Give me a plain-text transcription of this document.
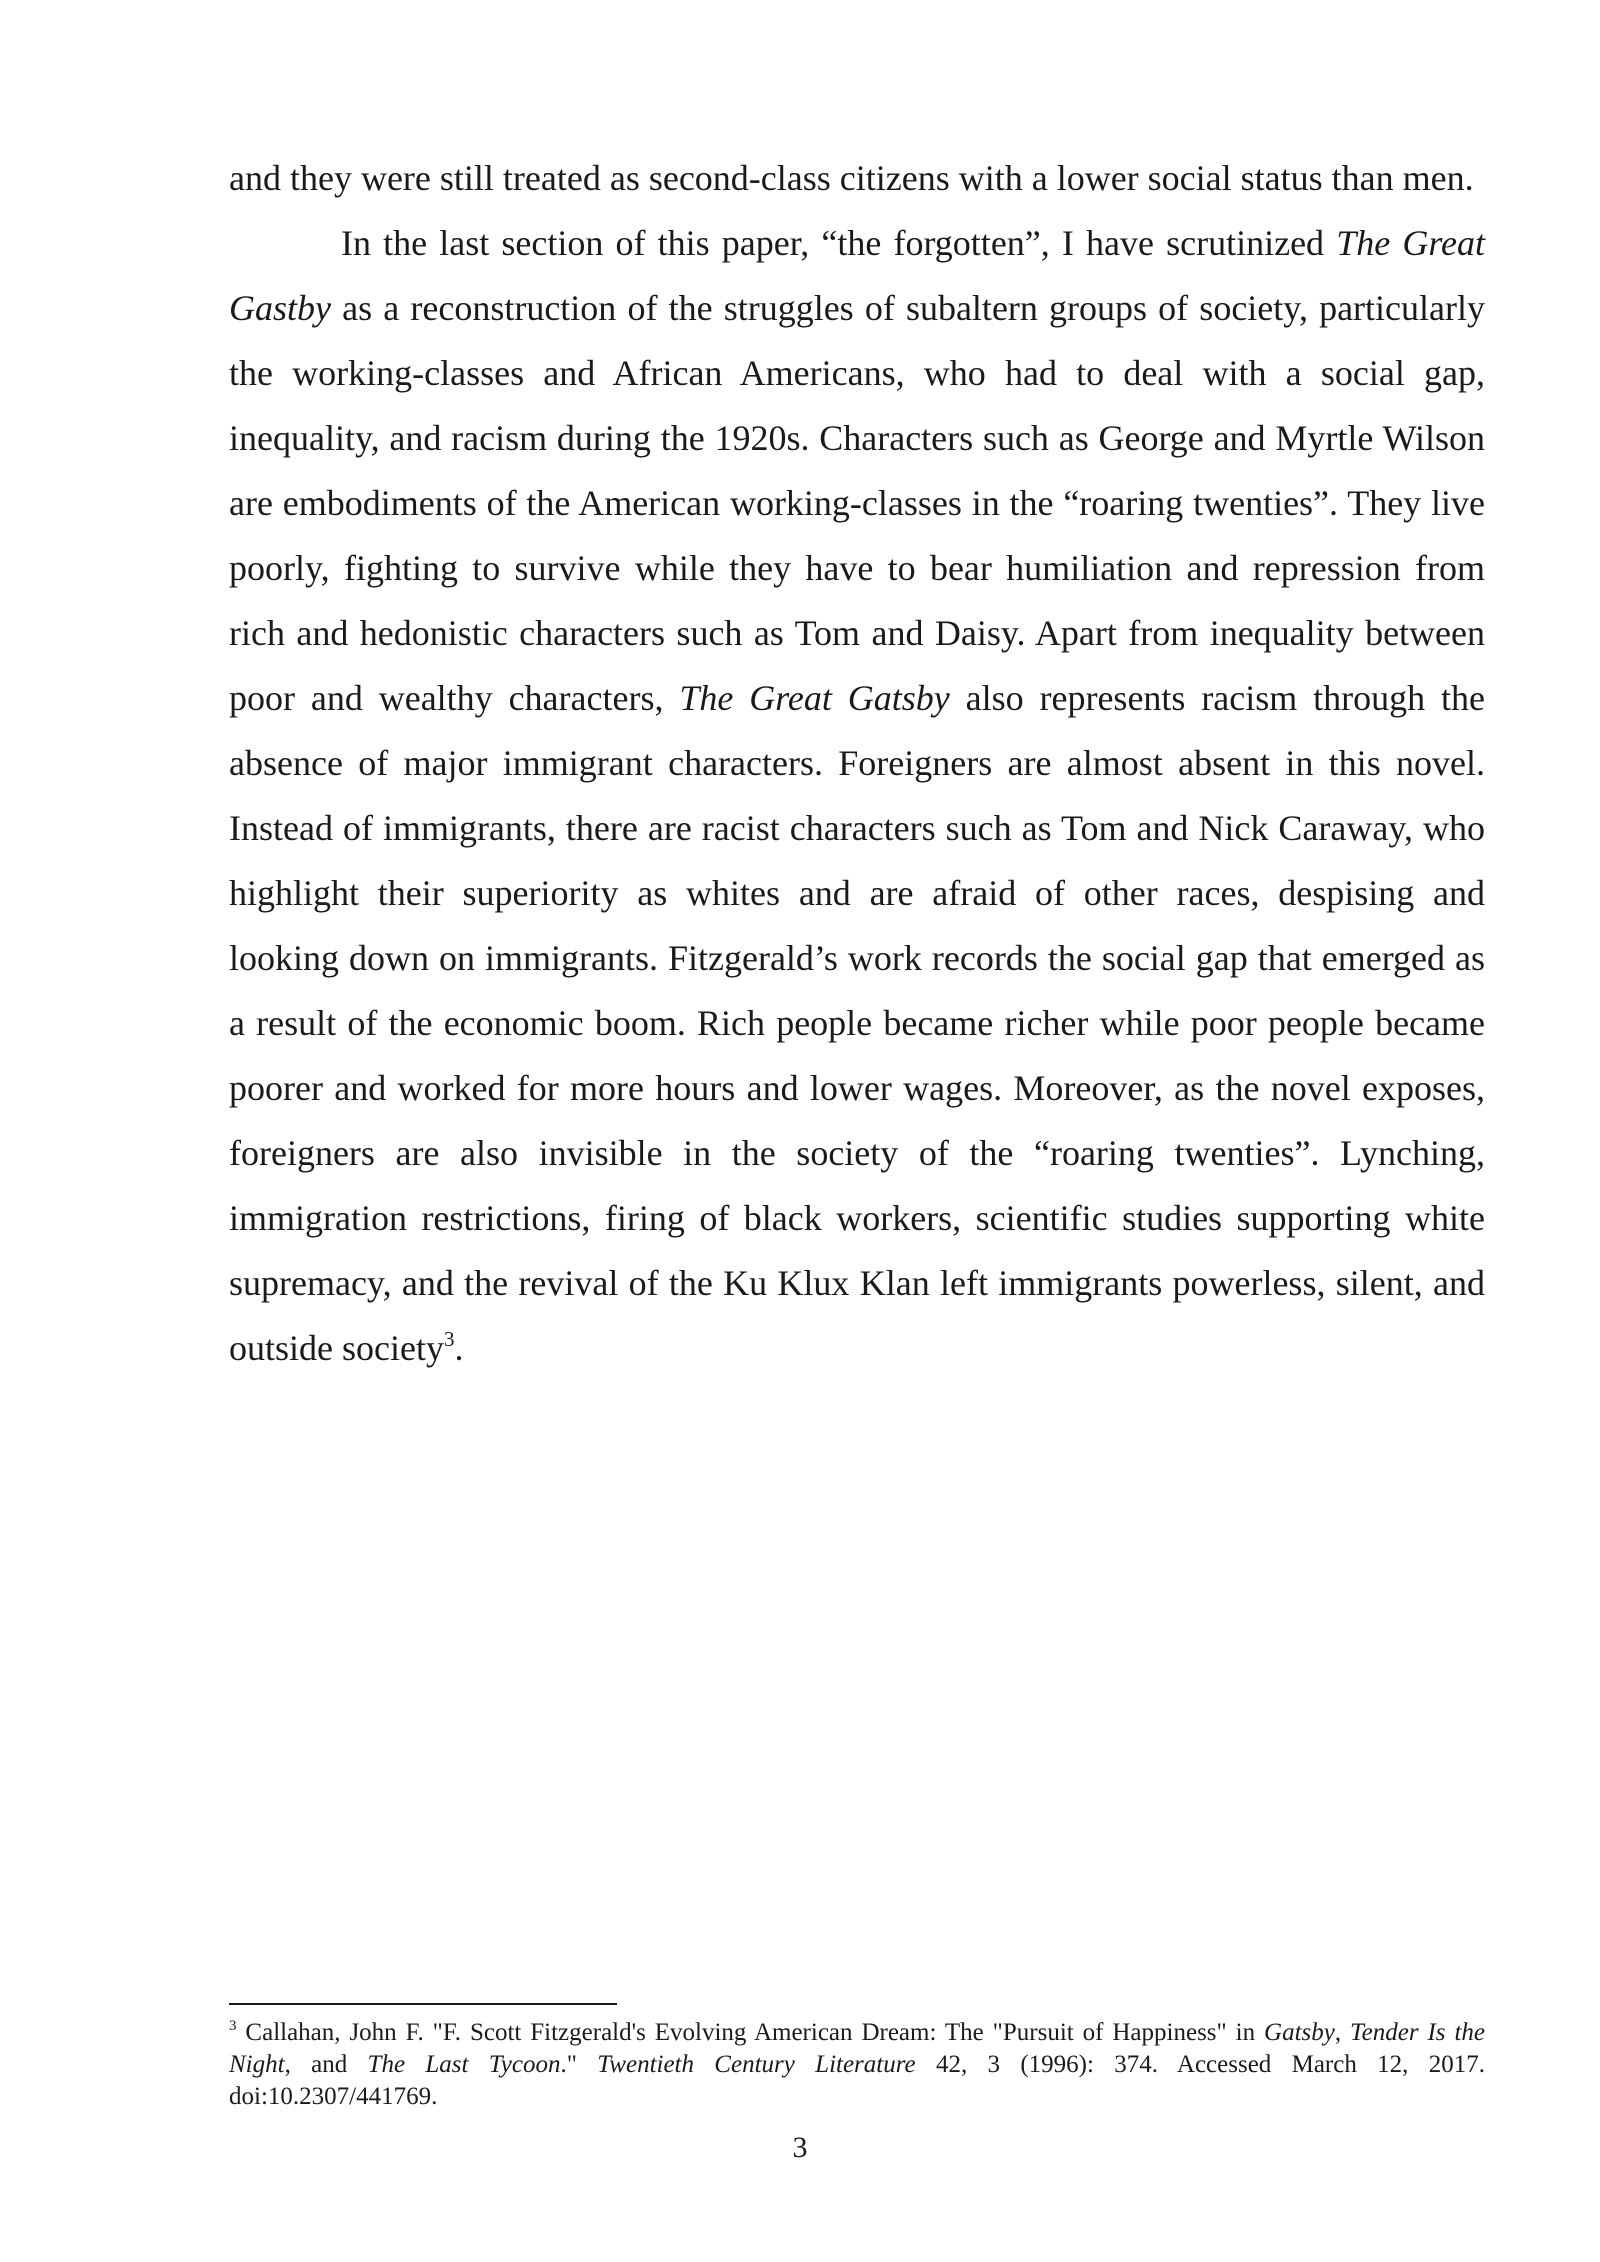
and they were still treated as second-class citizens with a lower social status than men.

In the last section of this paper, “the forgotten”, I have scrutinized The Great Gastby as a reconstruction of the struggles of subaltern groups of society, particularly the working-classes and African Americans, who had to deal with a social gap, inequality, and racism during the 1920s. Characters such as George and Myrtle Wilson are embodiments of the American working-classes in the “roaring twenties”. They live poorly, fighting to survive while they have to bear humiliation and repression from rich and hedonistic characters such as Tom and Daisy. Apart from inequality between poor and wealthy characters, The Great Gatsby also represents racism through the absence of major immigrant characters. Foreigners are almost absent in this novel. Instead of immigrants, there are racist characters such as Tom and Nick Caraway, who highlight their superiority as whites and are afraid of other races, despising and looking down on immigrants. Fitzgerald’s work records the social gap that emerged as a result of the economic boom. Rich people became richer while poor people became poorer and worked for more hours and lower wages. Moreover, as the novel exposes, foreigners are also invisible in the society of the “roaring twenties”. Lynching, immigration restrictions, firing of black workers, scientific studies supporting white supremacy, and the revival of the Ku Klux Klan left immigrants powerless, silent, and outside society$^3$.

$^3$ Callahan, John F. "F. Scott Fitzgerald's Evolving American Dream: The "Pursuit of Happiness" in Gatsby, Tender Is the Night, and The Last Tycoon." Twentieth Century Literature 42, 3 (1996): 374. Accessed March 12, 2017. doi:10.2307/441769.

3
